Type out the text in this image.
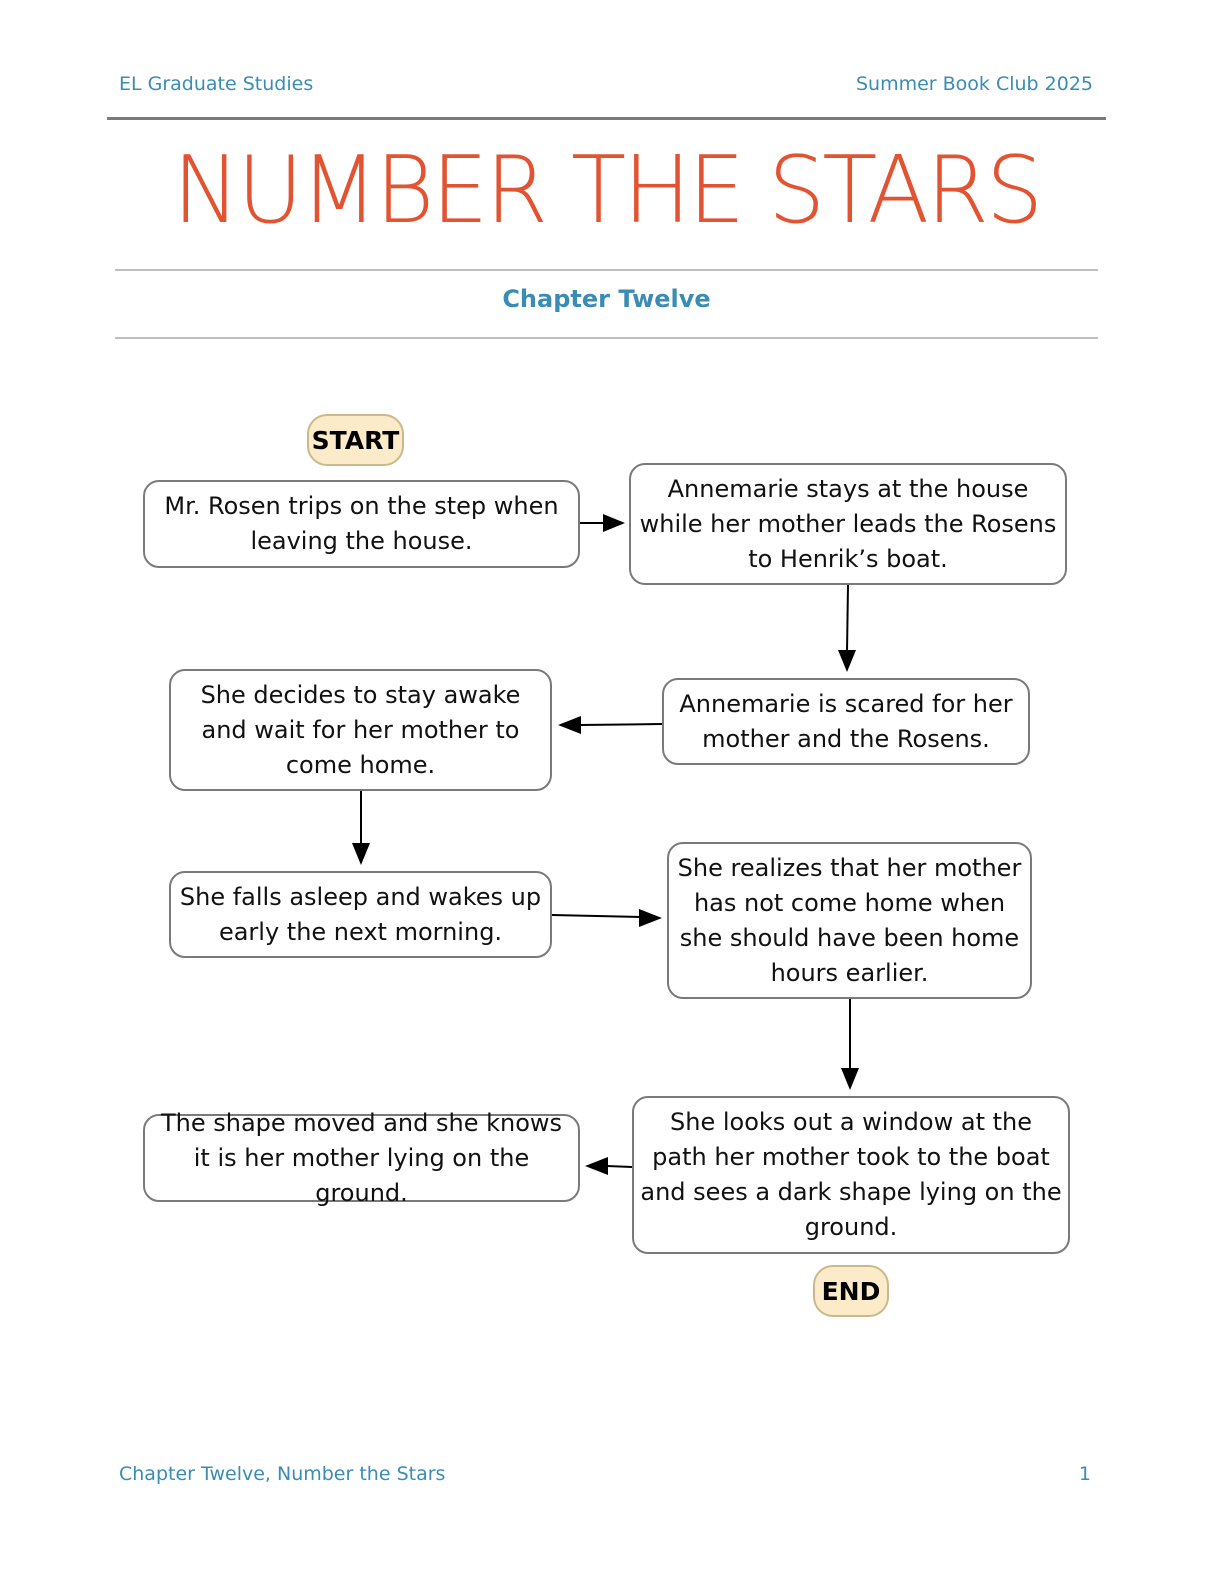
EL Graduate Studies	Summer Book Club 2025
NUMBER THE STARS
Chapter Twelve
START
Mr. Rosen trips on the step when leaving the house.
Annemarie stays at the house while her mother leads the Rosens to Henrik’s boat.
Annemarie is scared for her mother and the Rosens.
She decides to stay awake and wait for her mother to come home.
She falls asleep and wakes up early the next morning.
She realizes that her mother has not come home when she should have been home hours earlier.
She looks out a window at the path her mother took to the boat and sees a dark shape lying on the ground.
The shape moved and she knows it is her mother lying on the ground.
END
Chapter Twelve, Number the Stars	1
